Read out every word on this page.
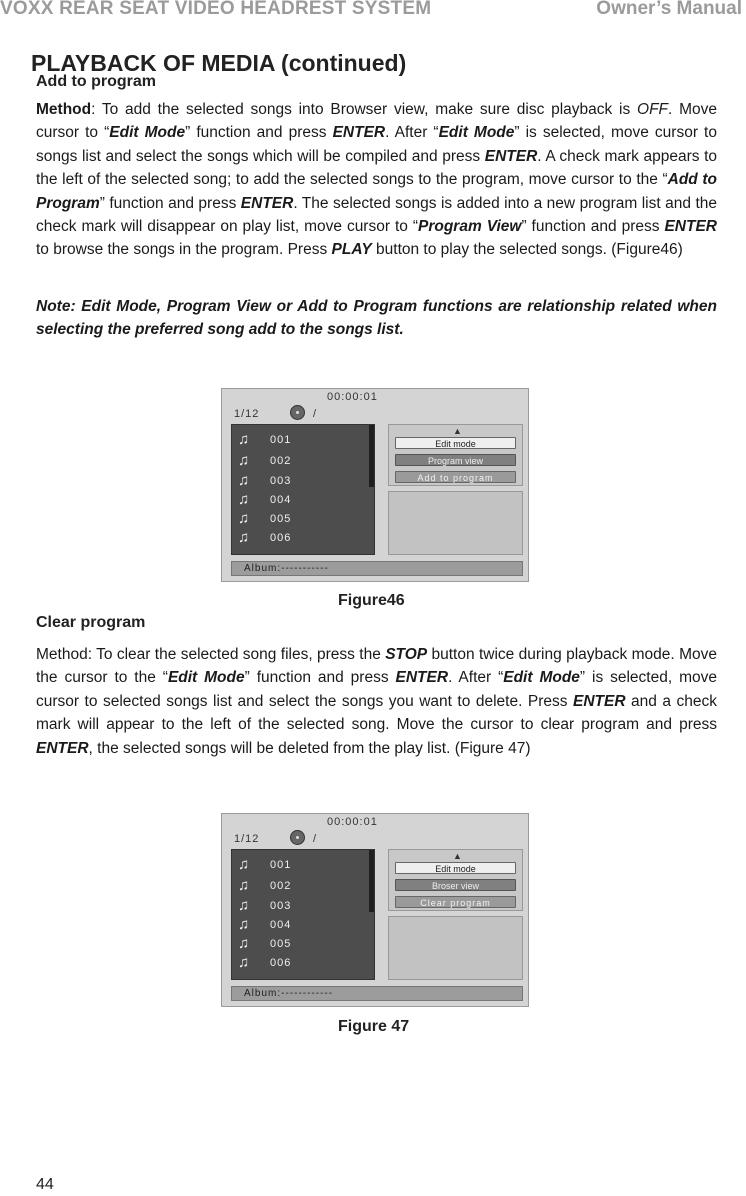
VOXX REAR SEAT VIDEO HEADREST SYSTEM	Owner’s Manual
PLAYBACK OF MEDIA (continued)
Add to program

Method: To add the selected songs into Browser view, make sure disc playback is OFF. Move cursor to “Edit Mode” function and press ENTER. After “Edit Mode” is selected, move cursor to songs list and select the songs which will be compiled and press ENTER. A check mark appears to the left of the selected song; to add the selected songs to the program, move cursor to the “Add to Program” function and press ENTER. The selected songs is added into a new program list and the check mark will disappear on play list, move cursor to “Program View” function and press ENTER to browse the songs in the program. Press PLAY button to play the selected songs. (Figure46)

Note: Edit Mode, Program View or Add to Program functions are relationship related when selecting the preferred song add to the songs list.

00:00:01
1/12	/
♫ 001
♫ 002
♫ 003
♫ 004
♫ 005
♫ 006
▲
Edit mode
Program view
Add to program
Album:-----------
Figure46
Clear program

Method: To clear the selected song files, press the STOP button twice during playback mode. Move the cursor to the “Edit Mode” function and press ENTER. After “Edit Mode” is selected, move cursor to selected songs list and select the songs you want to delete. Press ENTER and a check mark will appear to the left of the selected song. Move the cursor to clear program and press ENTER, the selected songs will be deleted from the play list. (Figure 47)

00:00:01
1/12	/
♫ 001
♫ 002
♫ 003
♫ 004
♫ 005
♫ 006
▲
Edit mode
Broser view
Clear program
Album:------------
Figure 47
44
